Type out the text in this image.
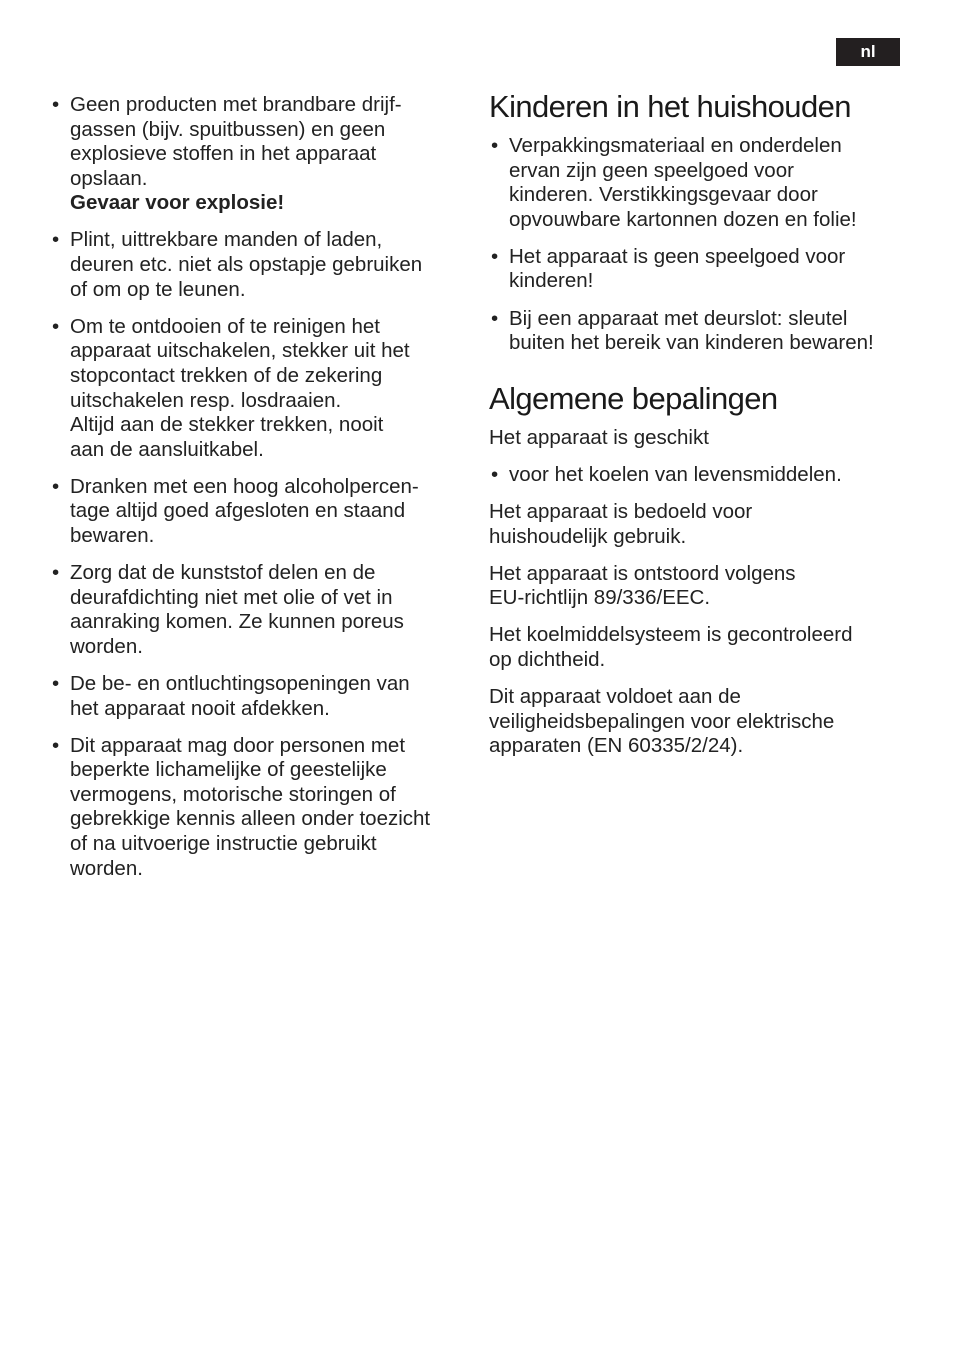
nl
• Geen producten met brandbare drijf-
gassen (bijv. spuitbussen) en geen
explosieve stoffen in het apparaat
opslaan.
Gevaar voor explosie!
• Plint, uittrekbare manden of laden,
deuren etc. niet als opstapje gebruiken
of om op te leunen.
• Om te ontdooien of te reinigen het
apparaat uitschakelen, stekker uit het
stopcontact trekken of de zekering
uitschakelen resp. losdraaien.
Altijd aan de stekker trekken, nooit
aan de aansluitkabel.
• Dranken met een hoog alcoholpercen-
tage altijd goed afgesloten en staand
bewaren.
• Zorg dat de kunststof delen en de
deurafdichting niet met olie of vet in
aanraking komen. Ze kunnen poreus
worden.
• De be- en ontluchtingsopeningen van
het apparaat nooit afdekken.
• Dit apparaat mag door personen met
beperkte lichamelijke of geestelijke
vermogens, motorische storingen of
gebrekkige kennis alleen onder toezicht
of na uitvoerige instructie gebruikt
worden.
Kinderen in het huishouden
• Verpakkingsmateriaal en onderdelen
ervan zijn geen speelgoed voor
kinderen. Verstikkingsgevaar door
opvouwbare kartonnen dozen en folie!
• Het apparaat is geen speelgoed voor
kinderen!
• Bij een apparaat met deurslot: sleutel
buiten het bereik van kinderen bewaren!
Algemene bepalingen

Het apparaat is geschikt

• voor het koelen van levensmiddelen.

Het apparaat is bedoeld voor
huishoudelijk gebruik.

Het apparaat is ontstoord volgens
EU-richtlijn 89/336/EEC.

Het koelmiddelsysteem is gecontroleerd
op dichtheid.

Dit apparaat voldoet aan de
veiligheidsbepalingen voor elektrische
apparaten (EN 60335/2/24).
